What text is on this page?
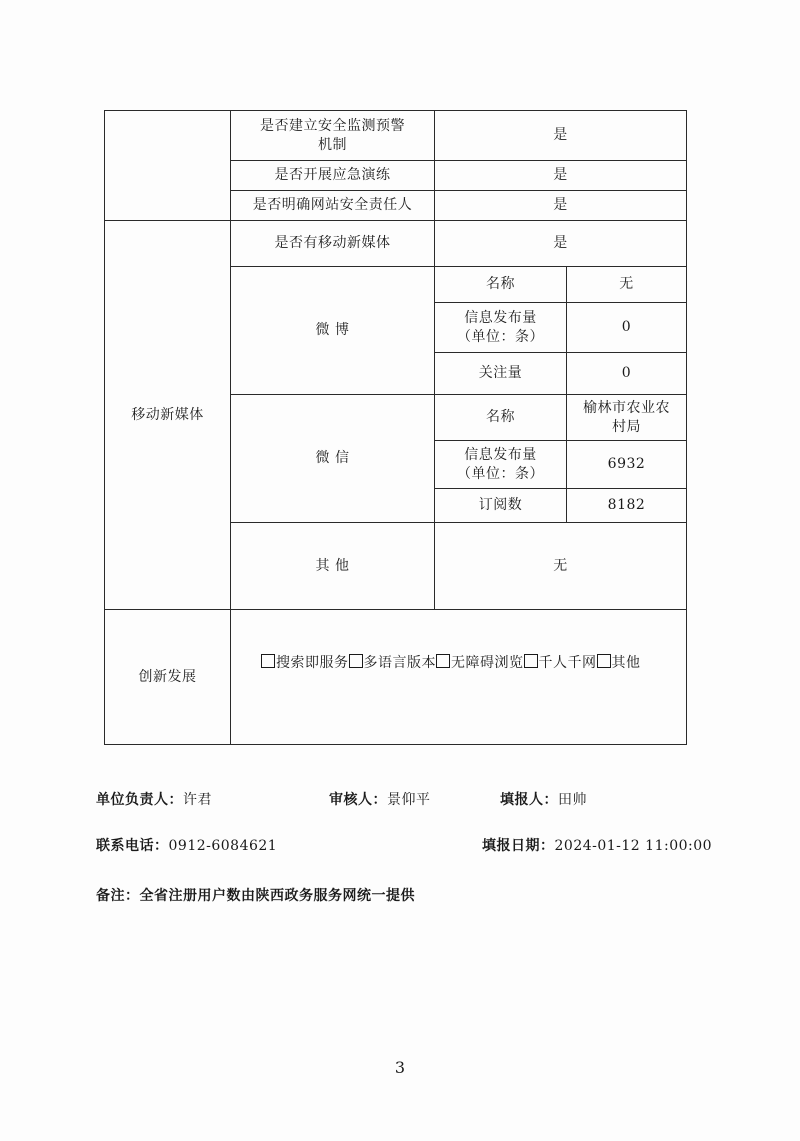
	是否建立安全监测预警机制	是	
	是否开展应急演练	是	
	是否明确网站安全责任人	是	
移动新媒体	是否有移动新媒体	是	
	微 博	名称	无
		信息发布量（单位：条）	0
		关注量	0
	微 信	名称	榆林市农业农村局
		信息发布量（单位：条）	6932
		订阅数	8182
	其 他	无	
创新发展	搜索即服务 多语言版本 无障碍浏览 千人千网 其他		
单位负责人：许君	审核人：景仰平	填报人：田帅
联系电话：0912-6084621	填报日期：2024-01-12 11:00:00
备注：全省注册用户数由陕西政务服务网统一提供
3
